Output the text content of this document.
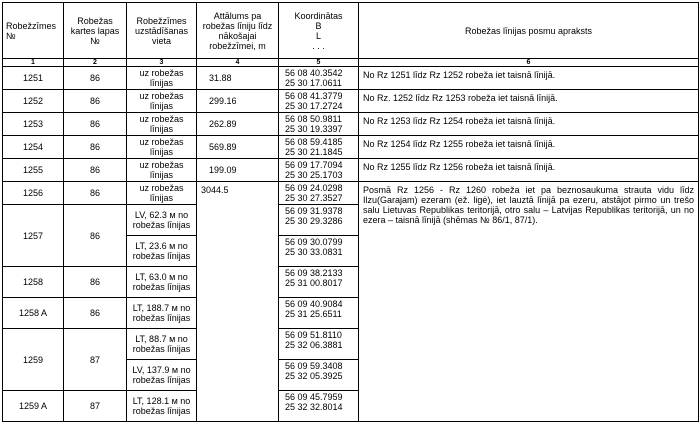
Robežzīmes №	Robežas kartes lapas №	Robežzīmes uzstādīšanas vieta	Attālums pa robežas līniju līdz nākošajai robežzīmei, m	Koordinātas
B
L
. . .	Robežas līnijas posmu apraksts
1	2	3	4	5	6
1251	86	uz robežas līnijas	31.88	56 08 40.3542
25 30 17.0611	No Rz 1251 līdz Rz 1252 robeža iet taisnā līnijā.
1252	86	uz robežas līnijas	299.16	56 08 41.3779
25 30 17.2724	No Rz. 1252 līdz Rz 1253 robeža iet taisnā līnijā.
1253	86	uz robežas līnijas	262.89	56 08 50.9811
25 30 19.3397	No Rz 1253 līdz Rz 1254 robeža iet taisnā līnijā.
1254	86	uz robežas līnijas	569.89	56 08 59.4185
25 30 21.1845	No Rz 1254 līdz Rz 1255 robeža iet taisnā līnijā.
1255	86	uz robežas līnijas	199.09	56 09 17.7094
25 30 25.1703	No Rz 1255 līdz Rz 1256 robeža iet taisnā līnijā.
1256	86	uz robežas līnijas	3044.5	56 09 24.0298
25 30 27.3527	Posmā Rz 1256 - Rz 1260 robeža iet pa beznosaukuma strauta vidu līdz Ilzu(Garajam) ezeram (ež. ligė), iet lauztā līnijā pa ezeru, atstājot pirmo un trešo salu Lietuvas Republikas teritorijā, otro salu – Latvijas Republikas teritorijā, un no ezera – taisnā līnijā (shēmas № 86/1, 87/1).
1257	86	LV, 62.3 м no robežas līnijas		56 09 31.9378
25 30 29.3286	

		LT, 23.6 м no robežas līnijas		56 09 30.0799
25 30 33.0831	

1258	86	LT, 63.0 м no robežas līnijas		56 09 38.2133
25 31 00.8017	

1258 A	86	LT, 188.7 м no robežas līnijas		56 09 40.9084
25 31 25.6511	

1259	87	LT, 88.7 м no robežas līnijas		56 09 51.8110
25 32 06.3881	

		LV, 137.9 м no robežas līnijas		56 09 59.3408
25 32 05.3925	

1259 A	87	LT, 128.1 м no robežas līnijas		56 09 45.7959
25 32 32.8014	
